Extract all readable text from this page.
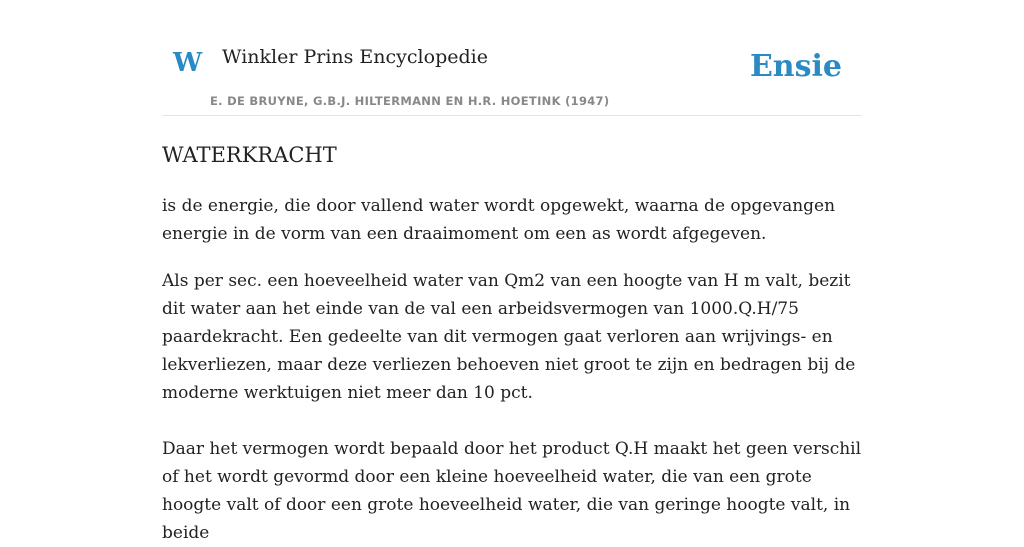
W Winkler Prins Encyclopedie
E. DE BRUYNE, G.B.J. HILTERMANN EN H.R. HOETINK (1947)
Ensie
WATERKRACHT

is de energie, die door vallend water wordt opgewekt, waarna de opgevangen energie in de vorm van een draaimoment om een as wordt afgegeven.

Als per sec. een hoeveelheid water van Qm2 van een hoogte van H m valt, bezit dit water aan het einde van de val een arbeidsvermogen van 1000.Q.H/75 paardekracht. Een gedeelte van dit vermogen gaat verloren aan wrijvings- en lekverliezen, maar deze verliezen behoeven niet groot te zijn en bedragen bij de moderne werktuigen niet meer dan 10 pct.

Daar het vermogen wordt bepaald door het product Q.H maakt het geen verschil of het wordt gevormd door een kleine hoeveelheid water, die van een grote hoogte valt of door een grote hoeveelheid water, die van geringe hoogte valt, in beide
